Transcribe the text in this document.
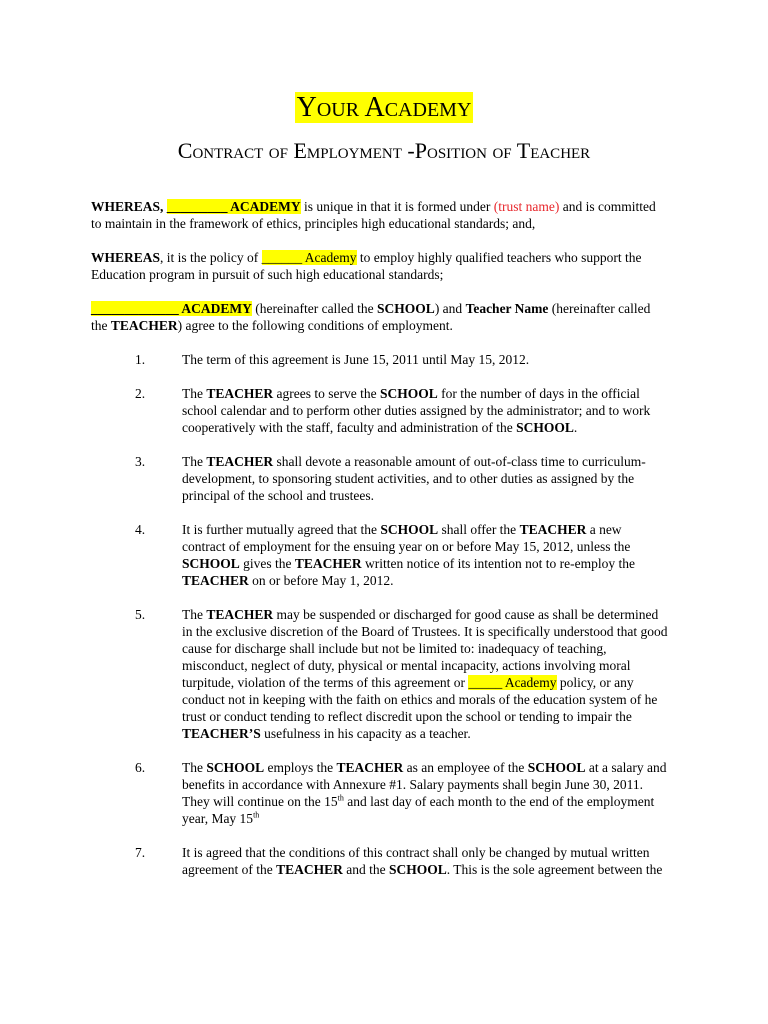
Your Academy
Contract of Employment -Position of Teacher

WHEREAS, _________ ACADEMY is unique in that it is formed under (trust name) and is committed to maintain in the framework of ethics, principles high educational standards; and,

WHEREAS, it is the policy of ______ Academy to employ highly qualified teachers who support the Education program in pursuit of such high educational standards;

_____________ ACADEMY (hereinafter called the SCHOOL) and Teacher Name (hereinafter called the TEACHER) agree to the following conditions of employment.

1.	The term of this agreement is June 15, 2011 until May 15, 2012.
2.	The TEACHER agrees to serve the SCHOOL for the number of days in the official school calendar and to perform other duties assigned by the administrator; and to work cooperatively with the staff, faculty and administration of the SCHOOL.
3.	The TEACHER shall devote a reasonable amount of out-of-class time to curriculum-development, to sponsoring student activities, and to other duties as assigned by the principal of the school and trustees.
4.	It is further mutually agreed that the SCHOOL shall offer the TEACHER a new contract of employment for the ensuing year on or before May 15, 2012, unless the SCHOOL gives the TEACHER written notice of its intention not to re-employ the TEACHER on or before May 1, 2012.
5.	The TEACHER may be suspended or discharged for good cause as shall be determined in the exclusive discretion of the Board of Trustees. It is specifically understood that good cause for discharge shall include but not be limited to: inadequacy of teaching, misconduct, neglect of duty, physical or mental incapacity, actions involving moral turpitude, violation of the terms of this agreement or _____ Academy policy, or any conduct not in keeping with the faith on ethics and morals of the education system of he trust or conduct tending to reflect discredit upon the school or tending to impair the TEACHER’S usefulness in his capacity as a teacher.
6.	The SCHOOL employs the TEACHER as an employee of the SCHOOL at a salary and benefits in accordance with Annexure #1. Salary payments shall begin June 30, 2011. They will continue on the 15th and last day of each month to the end of the employment year, May 15th
7.	It is agreed that the conditions of this contract shall only be changed by mutual written agreement of the TEACHER and the SCHOOL. This is the sole agreement between the
